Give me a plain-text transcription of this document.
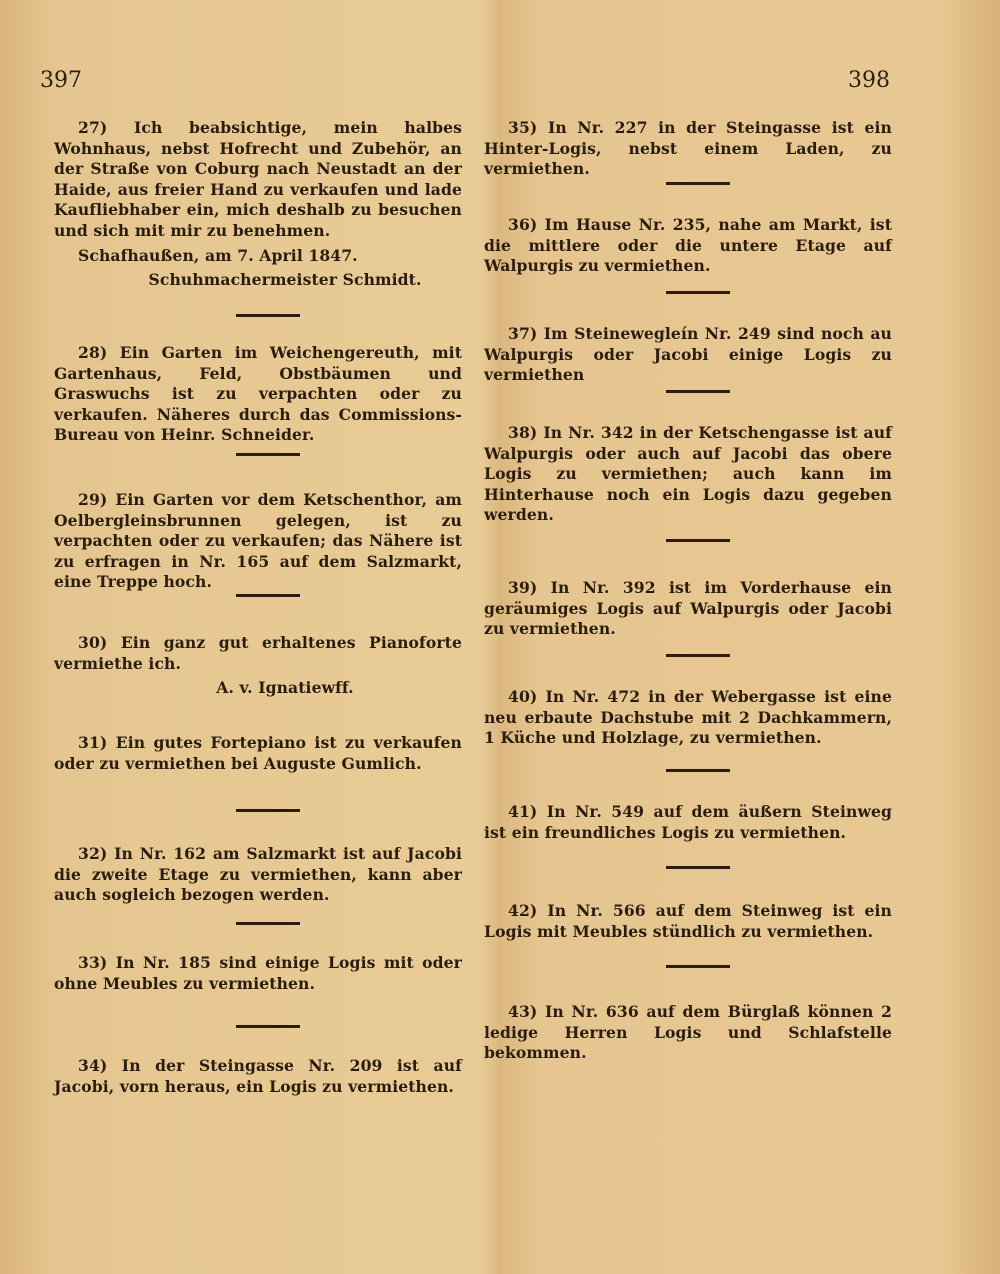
397	398

27) Ich beabsichtige, mein halbes Wohnhaus, nebst Hofrecht und Zubehör, an der Straße von Coburg nach Neustadt an der Haide, aus freier Hand zu verkaufen und lade Kaufliebhaber ein, mich deshalb zu besuchen und sich mit mir zu benehmen.

Schafhaußen, am 7. April 1847.
Schuhmachermeister Schmidt.

28) Ein Garten im Weichengereuth, mit Gartenhaus, Feld, Obstbäumen und Graswuchs ist zu verpachten oder zu verkaufen. Näheres durch das Commissions-Bureau von Heinr. Schneider.

29) Ein Garten vor dem Ketschenthor, am Oelbergleinsbrunnen gelegen, ist zu verpachten oder zu verkaufen; das Nähere ist zu erfragen in Nr. 165 auf dem Salzmarkt, eine Treppe hoch.

30) Ein ganz gut erhaltenes Pianoforte vermiethe ich.

A. v. Ignatiewff.

31) Ein gutes Fortepiano ist zu verkaufen oder zu vermiethen bei Auguste Gumlich.

32) In Nr. 162 am Salzmarkt ist auf Jacobi die zweite Etage zu vermiethen, kann aber auch sogleich bezogen werden.

33) In Nr. 185 sind einige Logis mit oder ohne Meubles zu vermiethen.

34) In der Steingasse Nr. 209 ist auf Jacobi, vorn heraus, ein Logis zu vermiethen.

35) In Nr. 227 in der Steingasse ist ein Hinter-Logis, nebst einem Laden, zu vermiethen.

36) Im Hause Nr. 235, nahe am Markt, ist die mittlere oder die untere Etage auf Walpurgis zu vermiethen.

37) Im Steinewegleín Nr. 249 sind noch au Walpurgis oder Jacobi einige Logis zu vermiethen

38) In Nr. 342 in der Ketschengasse ist auf Walpurgis oder auch auf Jacobi das obere Logis zu vermiethen; auch kann im Hinterhause noch ein Logis dazu gegeben werden.

39) In Nr. 392 ist im Vorderhause ein geräumiges Logis auf Walpurgis oder Jacobi zu vermiethen.

40) In Nr. 472 in der Webergasse ist eine neu erbaute Dachstube mit 2 Dachkammern, 1 Küche und Holzlage, zu vermiethen.

41) In Nr. 549 auf dem äußern Steinweg ist ein freundliches Logis zu vermiethen.

42) In Nr. 566 auf dem Steinweg ist ein Logis mit Meubles stündlich zu vermiethen.

43) In Nr. 636 auf dem Bürglaß können 2 ledige Herren Logis und Schlafstelle bekommen.
